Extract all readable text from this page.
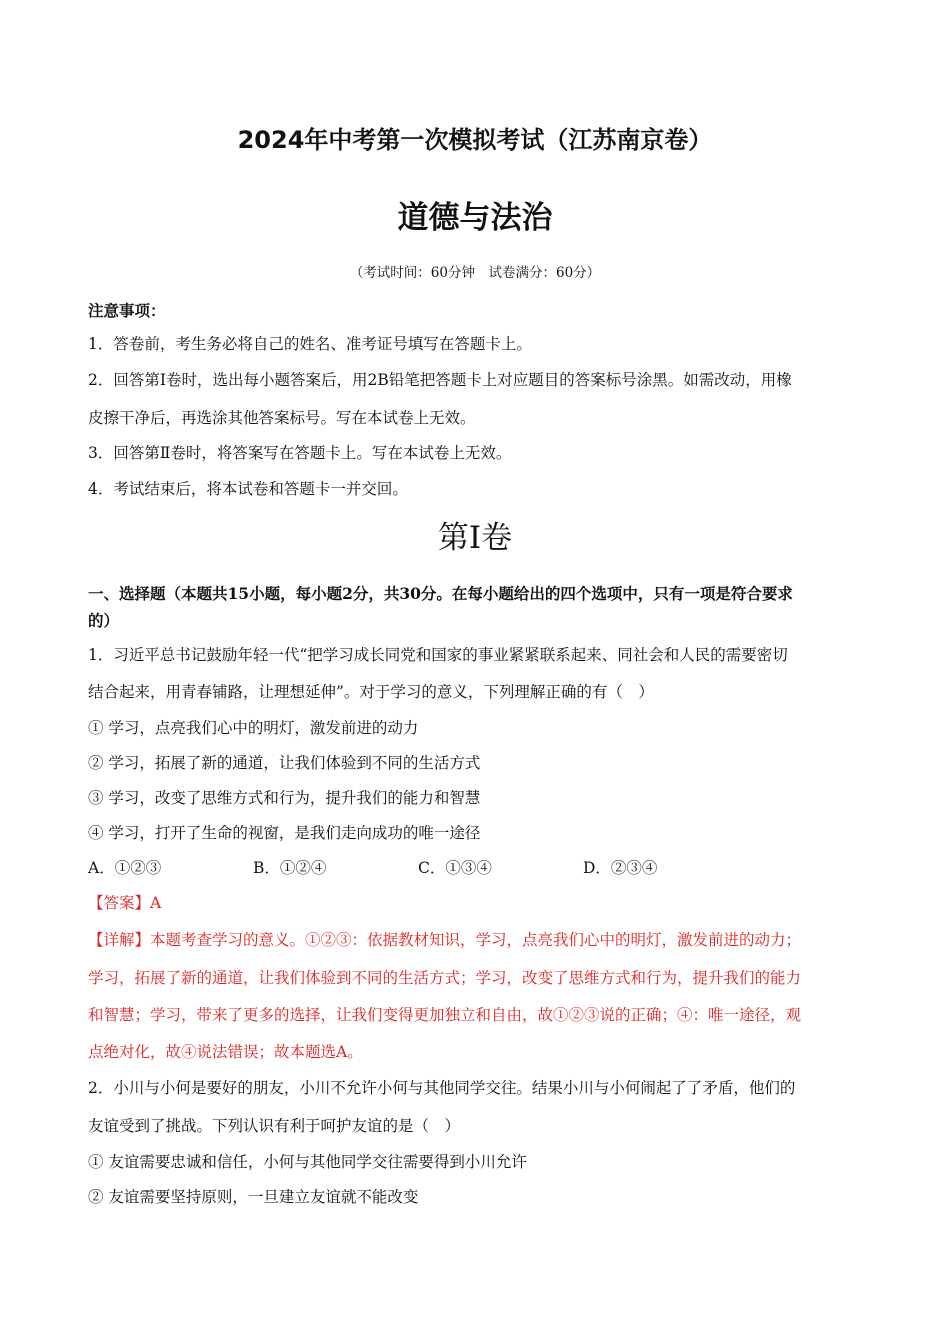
2024年中考第一次模拟考试（江苏南京卷）
道德与法治
（考试时间：60分钟　试卷满分：60分）
注意事项：
1．答卷前，考生务必将自己的姓名、准考证号填写在答题卡上。
2．回答第Ⅰ卷时，选出每小题答案后，用2B铅笔把答题卡上对应题目的答案标号涂黑。如需改动，用橡
皮擦干净后，再选涂其他答案标号。写在本试卷上无效。
3．回答第Ⅱ卷时，将答案写在答题卡上。写在本试卷上无效。
4．考试结束后，将本试卷和答题卡一并交回。
第Ⅰ卷
一、选择题（本题共15小题，每小题2分，共30分。在每小题给出的四个选项中，只有一项是符合要求
的）
1．习近平总书记鼓励年轻一代“把学习成长同党和国家的事业紧紧联系起来、同社会和人民的需要密切
结合起来，用青春铺路，让理想延伸”。对于学习的意义，下列理解正确的有（　）
① 学习，点亮我们心中的明灯，激发前进的动力
② 学习，拓展了新的通道，让我们体验到不同的生活方式
③ 学习，改变了思维方式和行为，提升我们的能力和智慧
④ 学习，打开了生命的视窗，是我们走向成功的唯一途径
A．①②③	B．①②④	C．①③④	D．②③④
【答案】A
【详解】本题考查学习的意义。①②③：依据教材知识，学习，点亮我们心中的明灯，激发前进的动力；
学习，拓展了新的通道，让我们体验到不同的生活方式；学习，改变了思维方式和行为，提升我们的能力
和智慧；学习，带来了更多的选择，让我们变得更加独立和自由，故①②③说的正确；④：唯一途径，观
点绝对化，故④说法错误；故本题选A。
2．小川与小何是要好的朋友，小川不允许小何与其他同学交往。结果小川与小何闹起了了矛盾，他们的
友谊受到了挑战。下列认识有利于呵护友谊的是（　）
① 友谊需要忠诚和信任，小何与其他同学交往需要得到小川允许
② 友谊需要坚持原则，一旦建立友谊就不能改变
